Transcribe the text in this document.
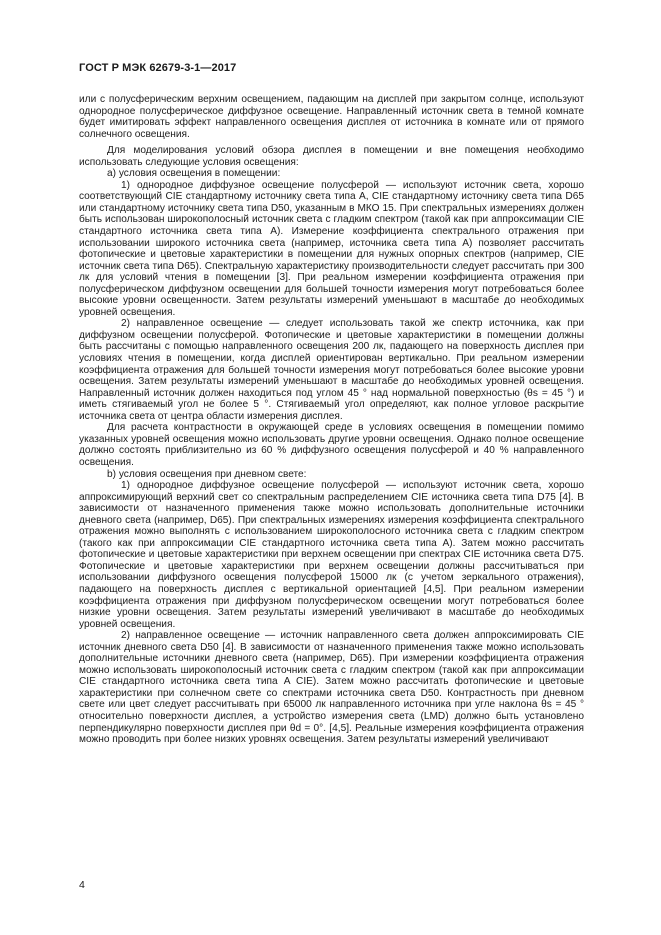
ГОСТ Р МЭК 62679-3-1—2017

или с полусферическим верхним освещением, падающим на дисплей при закрытом солнце, используют однородное полусферическое диффузное освещение. Направленный источник света в темной комнате будет имитировать эффект направленного освещения дисплея от источника в комнате или от прямого солнечного освещения.

Для моделирования условий обзора дисплея в помещении и вне помещения необходимо использовать следующие условия освещения:

a) условия освещения в помещении:

1) однородное диффузное освещение полусферой — используют источник света, хорошо соответствующий CIE стандартному источнику света типа A, CIE стандартному источнику света типа D65 или стандартному источнику света типа D50, указанным в МКО 15. При спектральных измерениях должен быть использован широкополосный источник света с гладким спектром (такой как при аппроксимации CIE стандартного источника света типа A). Измерение коэффициента спектрального отражения при использовании широкого источника света (например, источника света типа A) позволяет рассчитать фотопические и цветовые характеристики в помещении для нужных опорных спектров (например, CIE источник света типа D65). Спектральную характеристику производительности следует рассчитать при 300 лк для условий чтения в помещении [3]. При реальном измерении коэффициента отражения при полусферическом диффузном освещении для большей точности измерения могут потребоваться более высокие уровни освещенности. Затем результаты измерений уменьшают в масштабе до необходимых уровней освещения.

2) направленное освещение — следует использовать такой же спектр источника, как при диффузном освещении полусферой. Фотопические и цветовые характеристики в помещении должны быть рассчитаны с помощью направленного освещения 200 лк, падающего на поверхность дисплея при условиях чтения в помещении, когда дисплей ориентирован вертикально. При реальном измерении коэффициента отражения для большей точности измерения могут потребоваться более высокие уровни освещения. Затем результаты измерений уменьшают в масштабе до необходимых уровней освещения. Направленный источник должен находиться под углом 45 ° над нормальной поверхностью (θs = 45 °) и иметь стягиваемый угол не более 5 °. Стягиваемый угол определяют, как полное угловое раскрытие источника света от центра области измерения дисплея.

Для расчета контрастности в окружающей среде в условиях освещения в помещении помимо указанных уровней освещения можно использовать другие уровни освещения. Однако полное освещение должно состоять приблизительно из 60 % диффузного освещения полусферой и 40 % направленного освещения.

b) условия освещения при дневном свете:

1) однородное диффузное освещение полусферой — используют источник света, хорошо аппроксимирующий верхний свет со спектральным распределением CIE источника света типа D75 [4]. В зависимости от назначенного применения также можно использовать дополнительные источники дневного света (например, D65). При спектральных измерениях измерения коэффициента спектрального отражения можно выполнять с использованием широкополосного источника света с гладким спектром (такого как при аппроксимации CIE стандартного источника света типа A). Затем можно рассчитать фотопические и цветовые характеристики при верхнем освещении при спектрах CIE источника света D75. Фотопические и цветовые характеристики при верхнем освещении должны рассчитываться при использовании диффузного освещения полусферой 15000 лк (с учетом зеркального отражения), падающего на поверхность дисплея с вертикальной ориентацией [4,5]. При реальном измерении коэффициента отражения при диффузном полусферическом освещении могут потребоваться более низкие уровни освещения. Затем результаты измерений увеличивают в масштабе до необходимых уровней освещения.

2) направленное освещение — источник направленного света должен аппроксимировать CIE источник дневного света D50 [4]. В зависимости от назначенного применения также можно использовать дополнительные источники дневного света (например, D65). При измерении коэффициента отражения можно использовать широкополосный источник света с гладким спектром (такой как при аппроксимации CIE стандартного источника света типа A CIE). Затем можно рассчитать фотопические и цветовые характеристики при солнечном свете со спектрами источника света D50. Контрастность при дневном свете или цвет следует рассчитывать при 65000 лк направленного источника при угле наклона θs = 45 ° относительно поверхности дисплея, а устройство измерения света (LMD) должно быть установлено перпендикулярно поверхности дисплея при θd = 0°. [4,5]. Реальные измерения коэффициента отражения можно проводить при более низких уровнях освещения. Затем результаты измерений увеличивают

4
